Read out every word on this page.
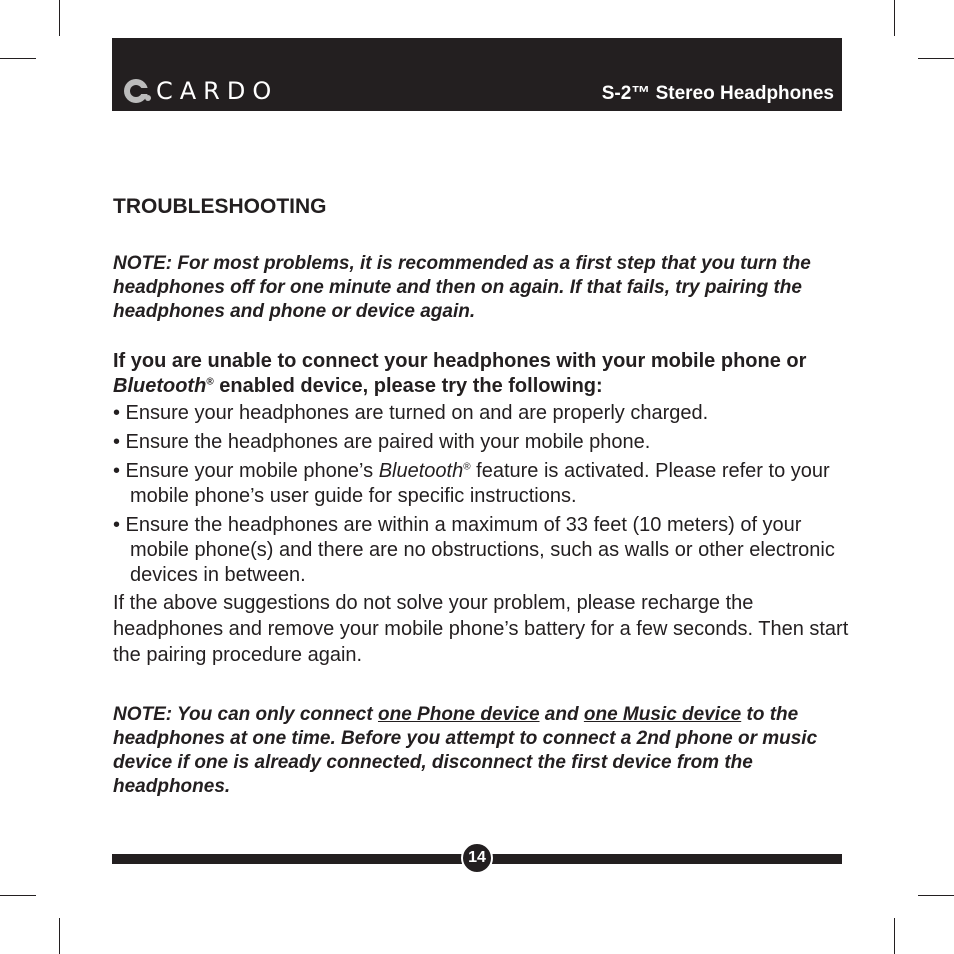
CARDO	S-2™ Stereo Headphones
TROUBLESHOOTING

NOTE: For most problems, it is recommended as a first step that you turn the headphones off for one minute and then on again. If that fails, try pairing the headphones and phone or device again.

If you are unable to connect your headphones with your mobile phone or Bluetooth® enabled device, please try the following:

• Ensure your headphones are turned on and are properly charged.
• Ensure the headphones are paired with your mobile phone.
• Ensure your mobile phone’s Bluetooth® feature is activated. Please refer to your mobile phone’s user guide for specific instructions.
• Ensure the headphones are within a maximum of 33 feet (10 meters) of your mobile phone(s) and there are no obstructions, such as walls or other electronic devices in between.

If the above suggestions do not solve your problem, please recharge the headphones and remove your mobile phone’s battery for a few seconds. Then start the pairing procedure again.

NOTE: You can only connect one Phone device and one Music device to the headphones at one time. Before you attempt to connect a 2nd phone or music device if one is already connected, disconnect the first device from the headphones.

14
